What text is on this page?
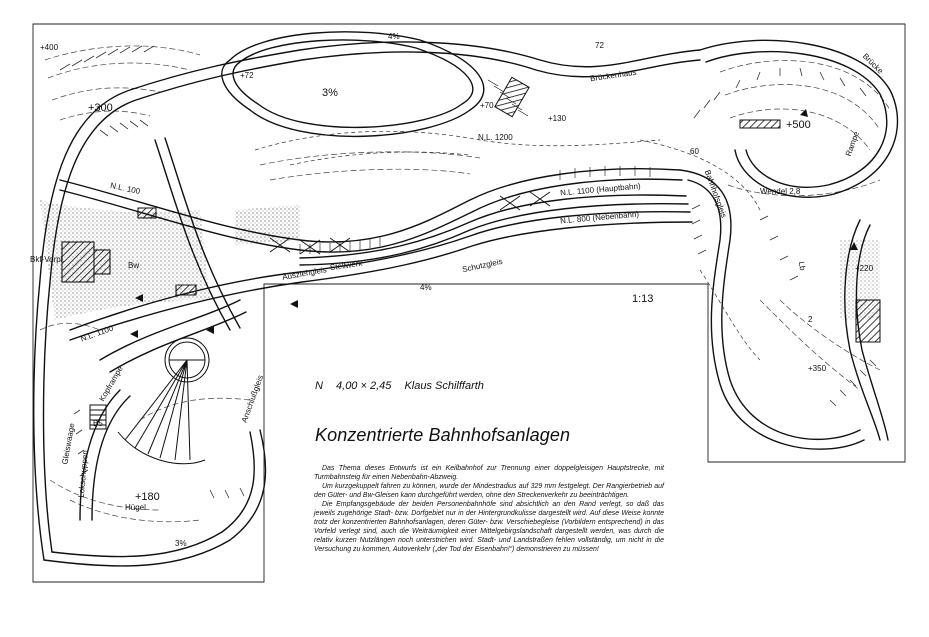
+400
+300
+500
+220
+350
+180
+70
+130
+72
4%
3%
4%
3%
Wendel 2,8
N.L. 1200
N.L. 100
N.L. 1100
N.L. 1100 (Hauptbahn)
N.L. 800 (Nebenbahn)
60
Bkf-Vorpl.
Hügel
Ausziehgleis
Kopframpe
Schutzgleis
Brückenhaus
Gleiswaage
Anschlußgleis
Brücke
Lokschuppen
Stellwerk
Bw	Lb
Bahnhofsgleis
Rampe
72
B5
2
1:13
N 4,00 × 2,45 Klaus Schilffarth
Konzentrierte Bahnhofsanlagen

Das Thema dieses Entwurfs ist ein Keilbahnhof zur Trennung einer doppelgleisigen Hauptstrecke, mit Turmbahnsteig für einen Nebenbahn-Abzweig.

Um kurzgekuppelt fahren zu können, wurde der Mindestradius auf 329 mm festgelegt. Der Rangierbetrieb auf den Güter- und Bw-Gleisen kann durchgeführt werden, ohne den Streckenverkehr zu beeinträchtigen.

Die Empfangsgebäude der beiden Personenbahnhöfe sind absichtlich an den Rand verlegt, so daß das jeweils zugehörige Stadt- bzw. Dorfgebiet nur in der Hintergrundkulisse dargestellt wird. Auf diese Weise konnte trotz der konzentrierten Bahnhofsanlagen, deren Güter- bzw. Verschiebegleise (Vorbildern entsprechend) in das Vorfeld verlegt sind, auch die Weiträumigkeit einer Mittelgebirgslandschaft dargestellt werden, was durch die relativ kurzen Nutzlängen noch unterstrichen wird. Stadt- und Landstraßen fehlen vollständig, um nicht in die Versuchung zu kommen, Autoverkehr („der Tod der Eisenbahn!“) demonstrieren zu müssen!
